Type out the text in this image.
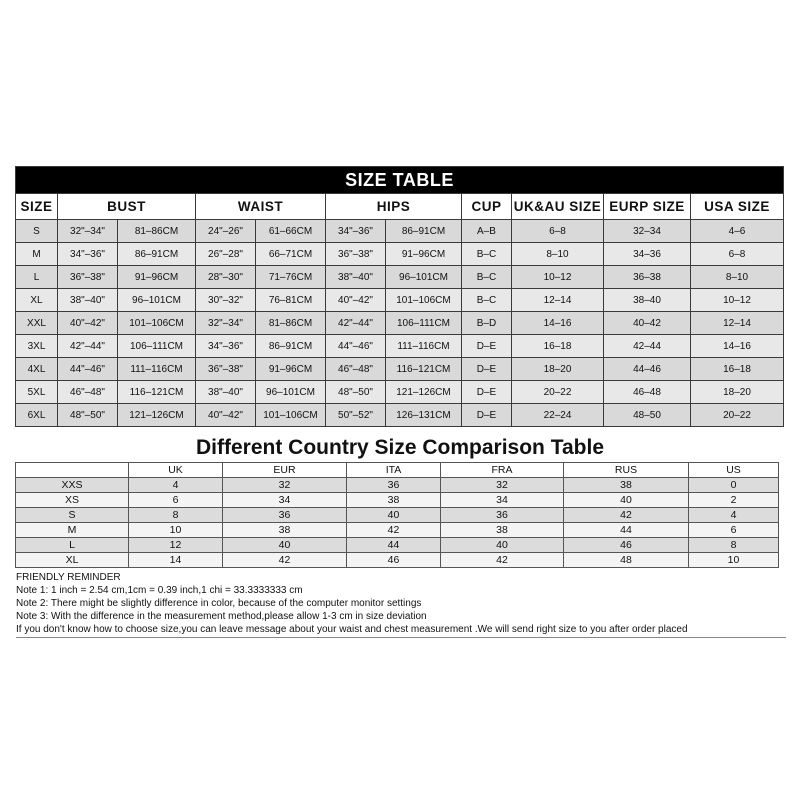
SIZE TABLE										
SIZE	BUST		WAIST		HIPS		CUP	UK&AU SIZE	EURP SIZE	USA SIZE
S	32"–34"	81–86CM	24"–26"	61–66CM	34"–36"	86–91CM	A–B	6–8	32–34	4–6
M	34"–36"	86–91CM	26"–28"	66–71CM	36"–38"	91–96CM	B–C	8–10	34–36	6–8
L	36"–38"	91–96CM	28"–30"	71–76CM	38"–40"	96–101CM	B–C	10–12	36–38	8–10
XL	38"–40"	96–101CM	30"–32"	76–81CM	40"–42"	101–106CM	B–C	12–14	38–40	10–12
XXL	40"–42"	101–106CM	32"–34"	81–86CM	42"–44"	106–111CM	B–D	14–16	40–42	12–14
3XL	42"–44"	106–111CM	34"–36"	86–91CM	44"–46"	111–116CM	D–E	16–18	42–44	14–16
4XL	44"–46"	111–116CM	36"–38"	91–96CM	46"–48"	116–121CM	D–E	18–20	44–46	16–18
5XL	46"–48"	116–121CM	38"–40"	96–101CM	48"–50"	121–126CM	D–E	20–22	46–48	18–20
6XL	48"–50"	121–126CM	40"–42"	101–106CM	50"–52"	126–131CM	D–E	22–24	48–50	20–22
Different Country Size Comparison Table
	UK	EUR	ITA	FRA	RUS	US
XXS	4	32	36	32	38	0
XS	6	34	38	34	40	2
S	8	36	40	36	42	4
M	10	38	42	38	44	6
L	12	40	44	40	46	8
XL	14	42	46	42	48	10
FRIENDLY REMINDER
Note 1: 1 inch = 2.54 cm,1cm = 0.39 inch,1 chi = 33.3333333 cm
Note 2: There might be slightly difference in color, because of the computer monitor settings
Note 3: With the difference in the measurement method,please allow 1-3 cm in size deviation
If you don't know how to choose size,you can leave message about your waist and chest measurement .We will send right size to you after order placed
